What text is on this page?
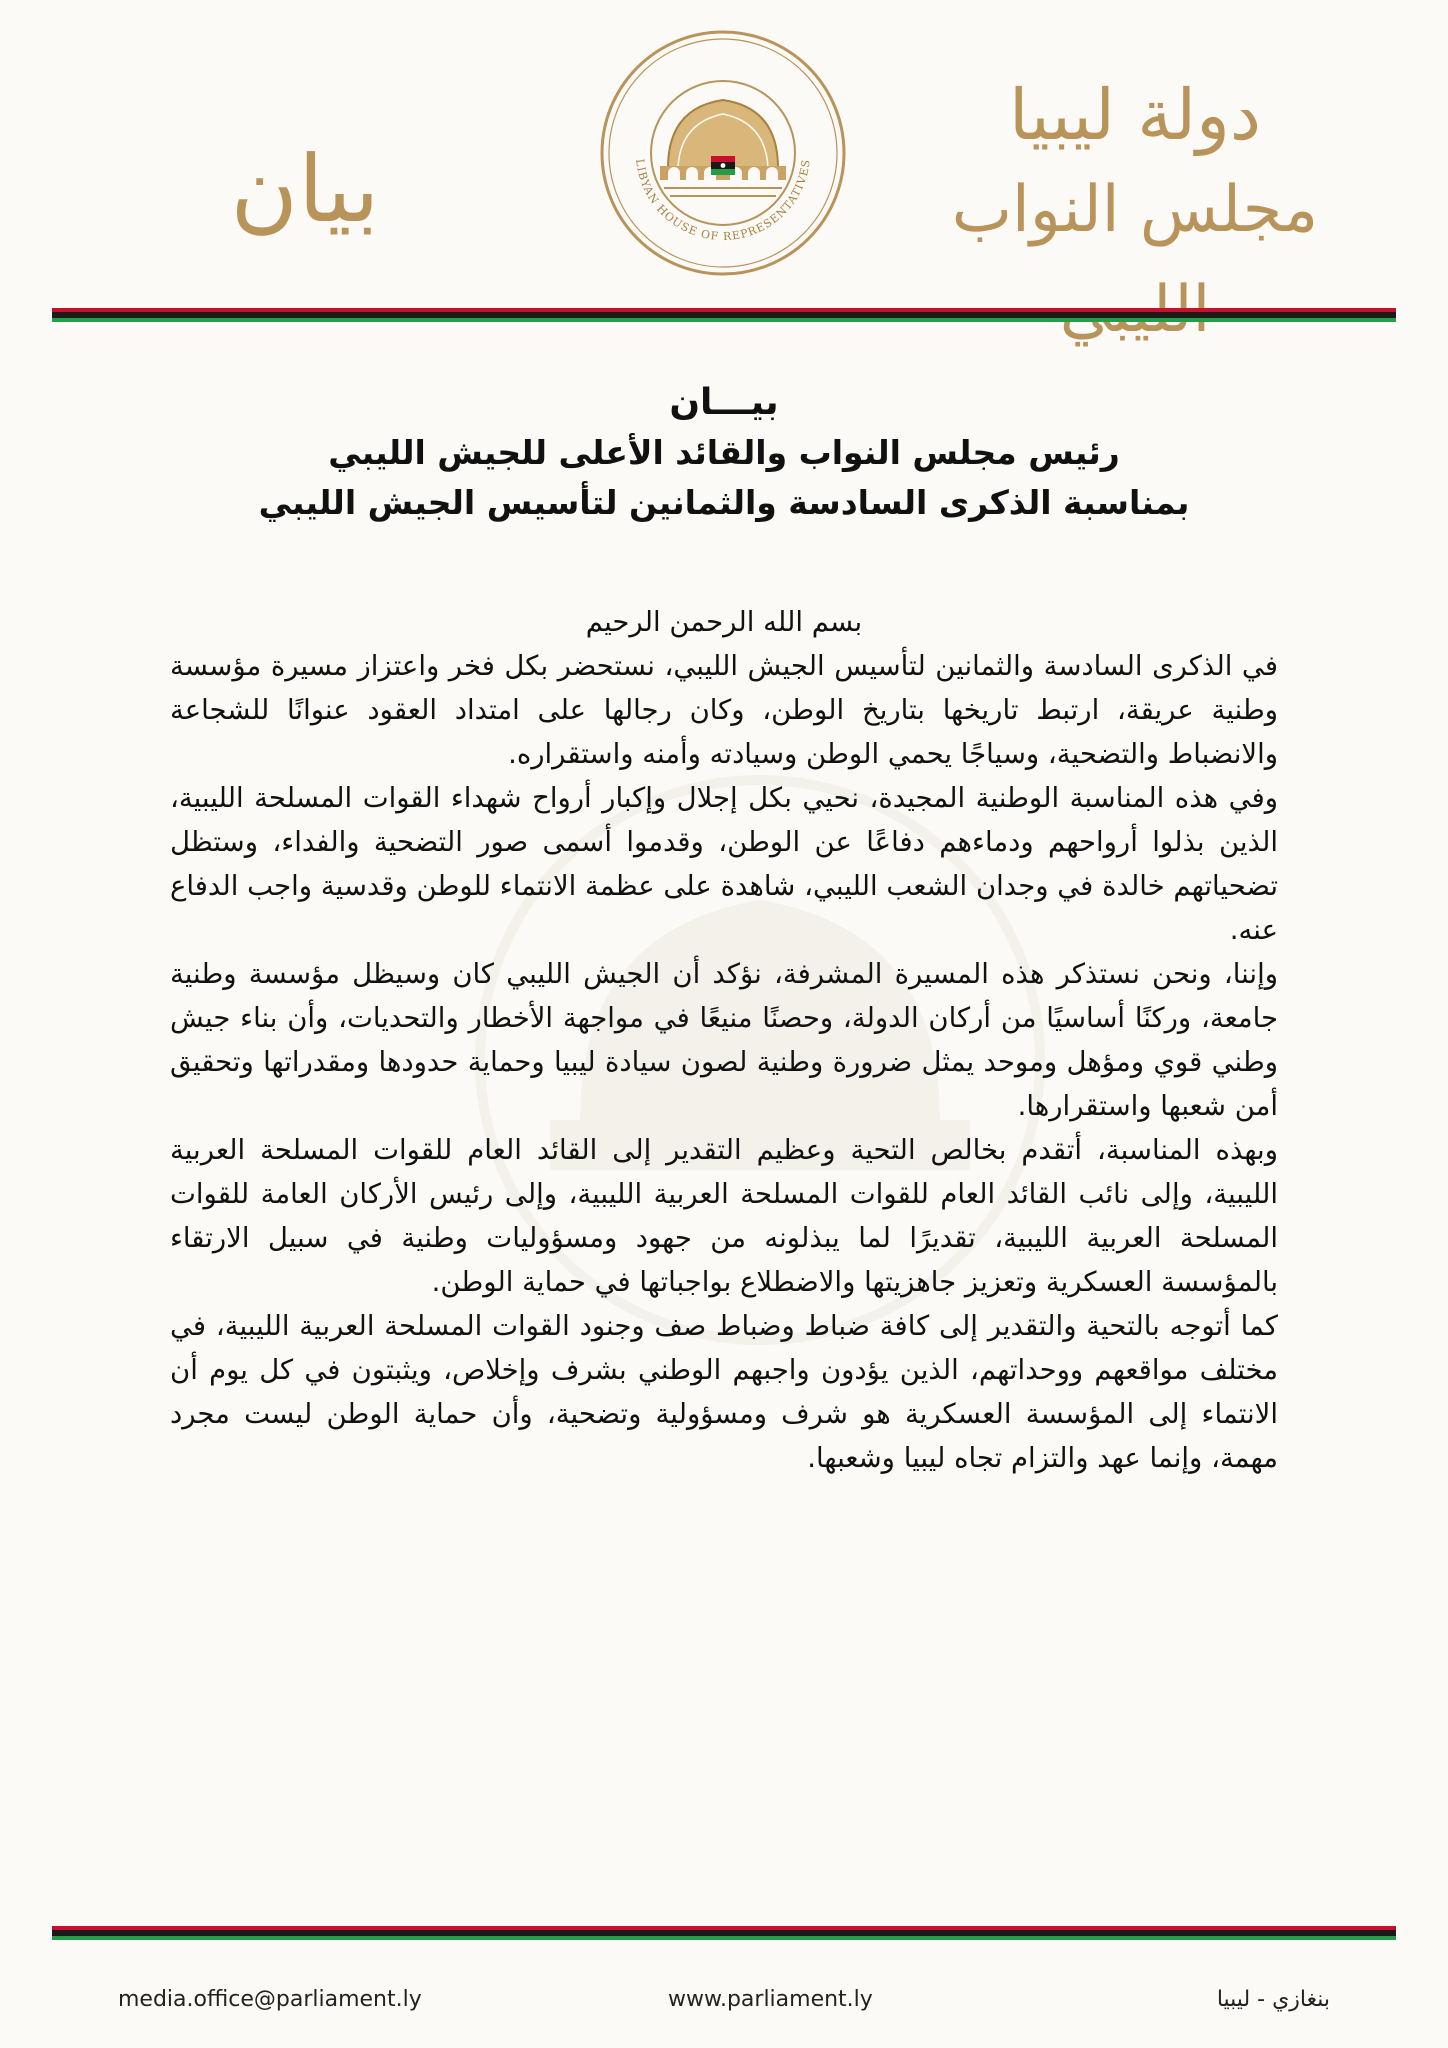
بيان	LIBYAN HOUSE OF REPRESENTATIVES
دولة ليبيا
مجلس النواب
بيـــان
رئيس مجلس النواب والقائد الأعلى للجيش الليبي
بمناسبة الذكرى السادسة والثمانين لتأسيس الجيش الليبي
بسم الله الرحمن الرحيم

في الذكرى السادسة والثمانين لتأسيس الجيش الليبي، نستحضر بكل فخر واعتزاز مسيرة مؤسسة وطنية عريقة، ارتبط تاريخها بتاريخ الوطن، وكان رجالها على امتداد العقود عنوانًا للشجاعة والانضباط والتضحية، وسياجًا يحمي الوطن وسيادته وأمنه واستقراره.

وفي هذه المناسبة الوطنية المجيدة، نحيي بكل إجلال وإكبار أرواح شهداء القوات المسلحة الليبية، الذين بذلوا أرواحهم ودماءهم دفاعًا عن الوطن، وقدموا أسمى صور التضحية والفداء، وستظل تضحياتهم خالدة في وجدان الشعب الليبي، شاهدة على عظمة الانتماء للوطن وقدسية واجب الدفاع عنه.

وإننا، ونحن نستذكر هذه المسيرة المشرفة، نؤكد أن الجيش الليبي كان وسيظل مؤسسة وطنية جامعة، وركنًا أساسيًا من أركان الدولة، وحصنًا منيعًا في مواجهة الأخطار والتحديات، وأن بناء جيش وطني قوي ومؤهل وموحد يمثل ضرورة وطنية لصون سيادة ليبيا وحماية حدودها ومقدراتها وتحقيق أمن شعبها واستقرارها.

وبهذه المناسبة، أتقدم بخالص التحية وعظيم التقدير إلى القائد العام للقوات المسلحة العربية الليبية، وإلى نائب القائد العام للقوات المسلحة العربية الليبية، وإلى رئيس الأركان العامة للقوات المسلحة العربية الليبية، تقديرًا لما يبذلونه من جهود ومسؤوليات وطنية في سبيل الارتقاء بالمؤسسة العسكرية وتعزيز جاهزيتها والاضطلاع بواجباتها في حماية الوطن.

كما أتوجه بالتحية والتقدير إلى كافة ضباط وضباط صف وجنود القوات المسلحة العربية الليبية، في مختلف مواقعهم ووحداتهم، الذين يؤدون واجبهم الوطني بشرف وإخلاص، ويثبتون في كل يوم أن الانتماء إلى المؤسسة العسكرية هو شرف ومسؤولية وتضحية، وأن حماية الوطن ليست مجرد مهمة، وإنما عهد والتزام تجاه ليبيا وشعبها.

media.office@parliament.ly	www.parliament.ly	بنغازي - ليبيا
